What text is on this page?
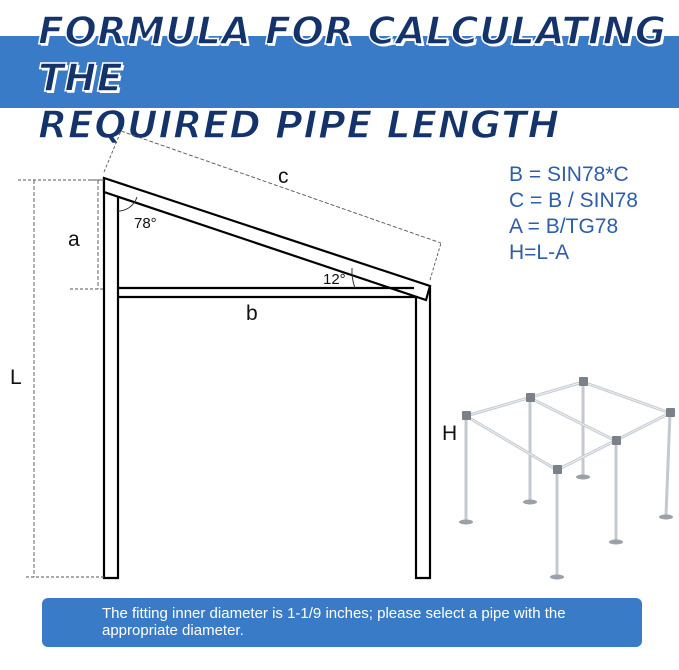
FORMULA FOR CALCULATING THE
REQUIRED PIPE LENGTH
c
a
b
L
H
78°
12°
B = SIN78*C
C = B / SIN78
A = B/TG78
H=L-A
The fitting inner diameter is 1-1/9 inches; please select a pipe with the appropriate diameter.
